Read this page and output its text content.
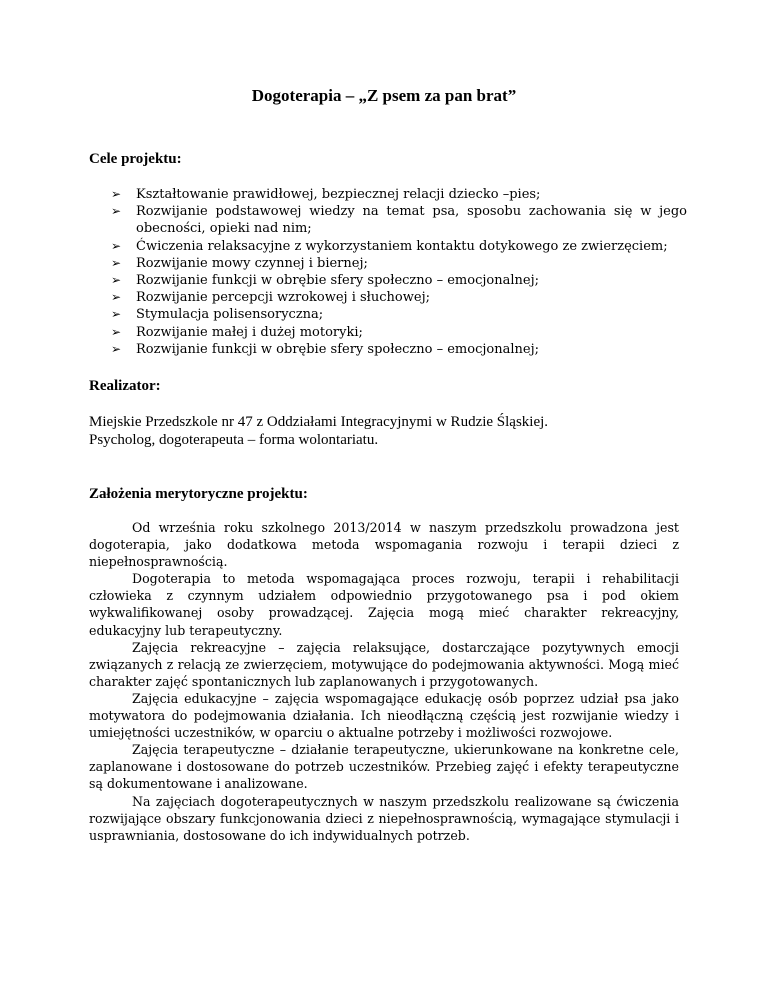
Dogoterapia – „Z psem za pan brat”
Cele projektu:
➢ Kształtowanie prawidłowej, bezpiecznej relacji dziecko –pies;
➢ Rozwijanie podstawowej wiedzy na temat psa, sposobu zachowania się w jego obecności, opieki nad nim;
➢ Ćwiczenia relaksacyjne z wykorzystaniem kontaktu dotykowego ze zwierzęciem;
➢ Rozwijanie mowy czynnej i biernej;
➢ Rozwijanie funkcji w obrębie sfery społeczno – emocjonalnej;
➢ Rozwijanie percepcji wzrokowej i słuchowej;
➢ Stymulacja polisensoryczna;
➢ Rozwijanie małej i dużej motoryki;
➢ Rozwijanie funkcji w obrębie sfery społeczno – emocjonalnej;
Realizator:
Miejskie Przedszkole nr 47 z Oddziałami Integracyjnymi w Rudzie Śląskiej.
Psycholog, dogoterapeuta – forma wolontariatu.
Założenia merytoryczne projektu:

Od września roku szkolnego 2013/2014 w naszym przedszkolu prowadzona jest dogoterapia, jako dodatkowa metoda wspomagania rozwoju i terapii dzieci z niepełnosprawnością.

Dogoterapia to metoda wspomagająca proces rozwoju, terapii i rehabilitacji człowieka z czynnym udziałem odpowiednio przygotowanego psa i pod okiem wykwalifikowanej osoby prowadzącej. Zajęcia mogą mieć charakter rekreacyjny, edukacyjny lub terapeutyczny.

Zajęcia rekreacyjne – zajęcia relaksujące, dostarczające pozytywnych emocji związanych z relacją ze zwierzęciem, motywujące do podejmowania aktywności. Mogą mieć charakter zajęć spontanicznych lub zaplanowanych i przygotowanych.

Zajęcia edukacyjne – zajęcia wspomagające edukację osób poprzez udział psa jako motywatora do podejmowania działania. Ich nieodłączną częścią jest rozwijanie wiedzy i umiejętności uczestników, w oparciu o aktualne potrzeby i możliwości rozwojowe.

Zajęcia terapeutyczne – działanie terapeutyczne, ukierunkowane na konkretne cele, zaplanowane i dostosowane do potrzeb uczestników. Przebieg zajęć i efekty terapeutyczne są dokumentowane i analizowane.

Na zajęciach dogoterapeutycznych w naszym przedszkolu realizowane są ćwiczenia rozwijające obszary funkcjonowania dzieci z niepełnosprawnością, wymagające stymulacji i usprawniania, dostosowane do ich indywidualnych potrzeb.
